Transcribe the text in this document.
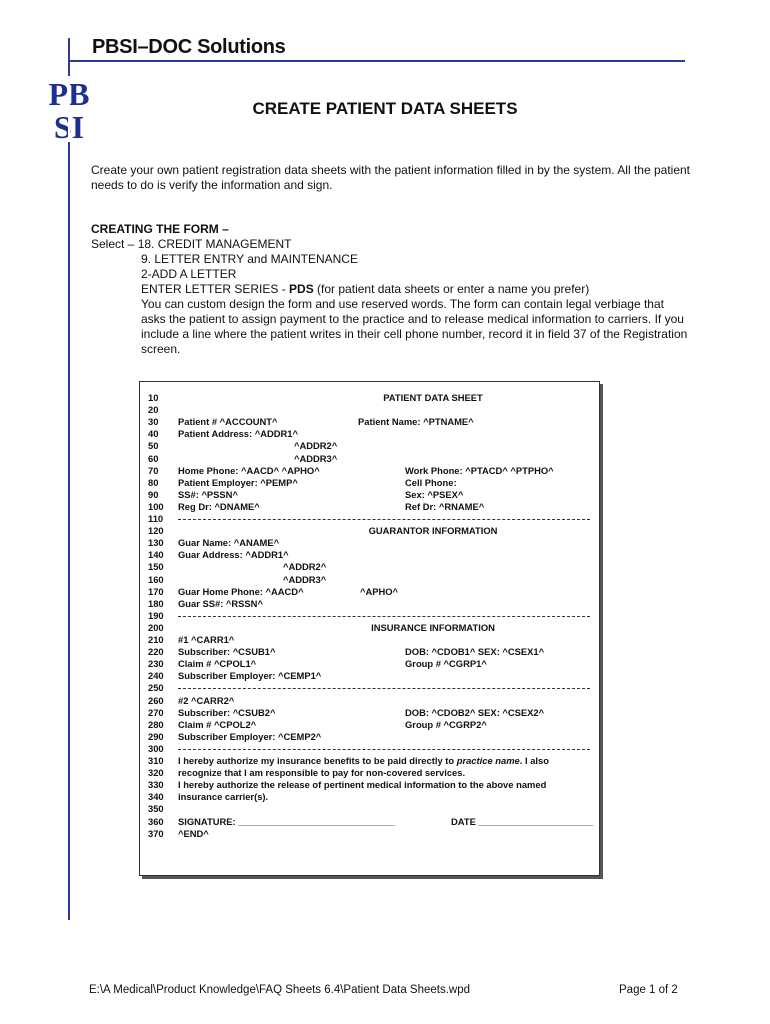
PBSI–DOC Solutions
PB
SI
CREATE PATIENT DATA SHEETS
Create your own patient registration data sheets with the patient information filled in by the system. All the patient needs to do is verify the information and sign.
CREATING THE FORM –
Select – 18. CREDIT MANAGEMENT
9. LETTER ENTRY and MAINTENANCE
2-ADD A LETTER
ENTER LETTER SERIES - PDS (for patient data sheets or enter a name you prefer)
You can custom design the form and use reserved words. The form can contain legal verbiage that asks the patient to assign payment to the practice and to release medical information to carriers. If you include a line where the patient writes in their cell phone number, record it in field 37 of the Registration screen.
10	PATIENT DATA SHEET
20
30 Patient # ^ACCOUNT^	Patient Name: ^PTNAME^
40 Patient Address: ^ADDR1^
50	^ADDR2^
60	^ADDR3^
70 Home Phone: ^AACD^ ^APHO^	Work Phone: ^PTACD^ ^PTPHO^
80 Patient Employer: ^PEMP^	Cell Phone:
90 SS#: ^PSSN^	Sex: ^PSEX^
100 Reg Dr: ^DNAME^	Ref Dr: ^RNAME^
110
120	GUARANTOR INFORMATION
130 Guar Name: ^ANAME^
140 Guar Address: ^ADDR1^
150	^ADDR2^
160	^ADDR3^
170 Guar Home Phone: ^AACD^	^APHO^
180 Guar SS#: ^RSSN^
190
200	INSURANCE INFORMATION
210 #1 ^CARR1^
220 Subscriber: ^CSUB1^	DOB: ^CDOB1^ SEX: ^CSEX1^
230 Claim # ^CPOL1^	Group # ^CGRP1^
240 Subscriber Employer: ^CEMP1^
250
260 #2 ^CARR2^
270 Subscriber: ^CSUB2^	DOB: ^CDOB2^ SEX: ^CSEX2^
280 Claim # ^CPOL2^	Group # ^CGRP2^
290 Subscriber Employer: ^CEMP2^
300
310 I hereby authorize my insurance benefits to be paid directly to practice name. I also
320 recognize that I am responsible to pay for non-covered services.
330 I hereby authorize the release of pertinent medical information to the above named
340 insurance carrier(s).
350
360 SIGNATURE: ______________________________	DATE ______________________
370 ^END^
E:\A Medical\Product Knowledge\FAQ Sheets 6.4\Patient Data Sheets.wpd	Page 1 of 2
